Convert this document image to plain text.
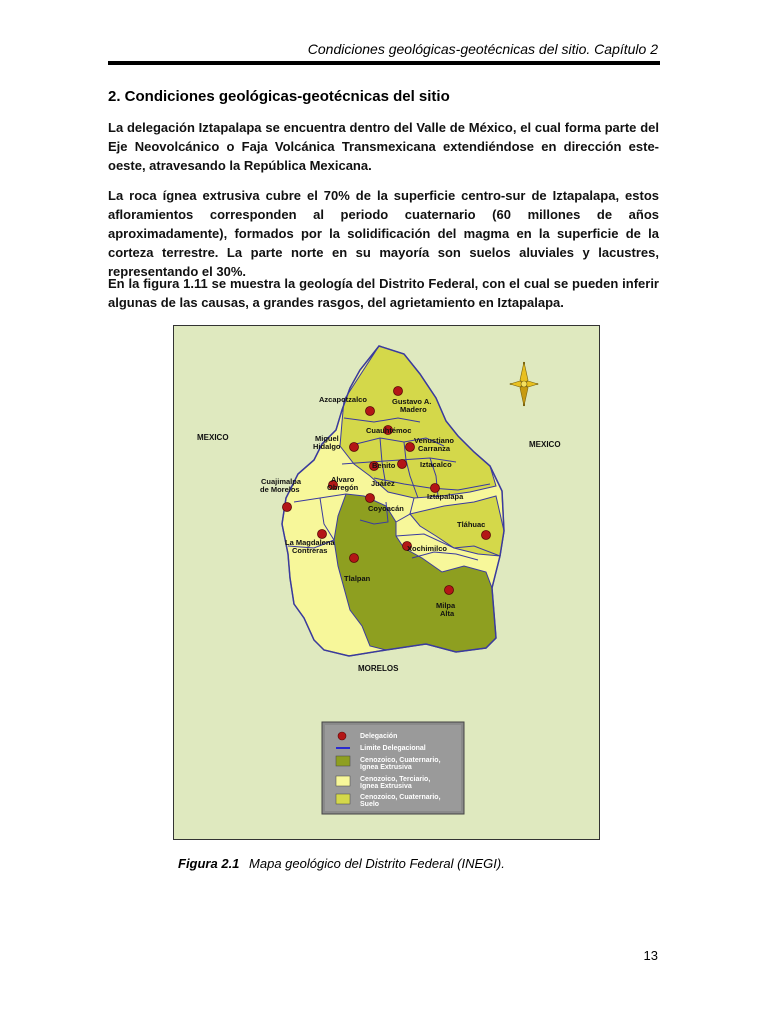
Condiciones geológicas-geotécnicas del sitio. Capítulo 2
2. Condiciones geológicas-geotécnicas del sitio

La delegación Iztapalapa se encuentra dentro del Valle de México, el cual forma parte del Eje Neovolcánico o Faja Volcánica Transmexicana extendiéndose en dirección este-oeste, atravesando la República Mexicana.

La roca ígnea extrusiva cubre el 70% de la superficie centro-sur de Iztapalapa, estos afloramientos corresponden al periodo cuaternario (60 millones de años aproximadamente), formados por la solidificación del magma en la superficie de la corteza terrestre. La parte norte en su mayoría son suelos aluviales y lacustres, representando el 30%.

En la figura 1.11 se muestra la geología del Distrito Federal, con el cual se pueden inferir algunas de las causas, a grandes rasgos, del agrietamiento en Iztapalapa.

MEXICO
MEXICO
MORELOS
Azcapotzalco	Gustavo A.
Madero
Cuauhtémoc
Miguel
Hidalgo
Venustiano
Carranza
Iztacalco
Benito
Juárez
Cuajimalpa
de Morelos
Alvaro
Obregón
Iztapalapa
Coyoacán
Tláhuac
La Magdalena
Contreras	Xochimilco
Tlalpan
Milpa
Alta
Delegación
Limite Delegacional
Cenozoico, Cuaternario,
Ignea Extrusiva
Cenozoico, Terciario,
Ignea Extrusiva
Cenozoico, Cuaternario,
Suelo
Figura 2.1 Mapa geológico del Distrito Federal (INEGI).
13
